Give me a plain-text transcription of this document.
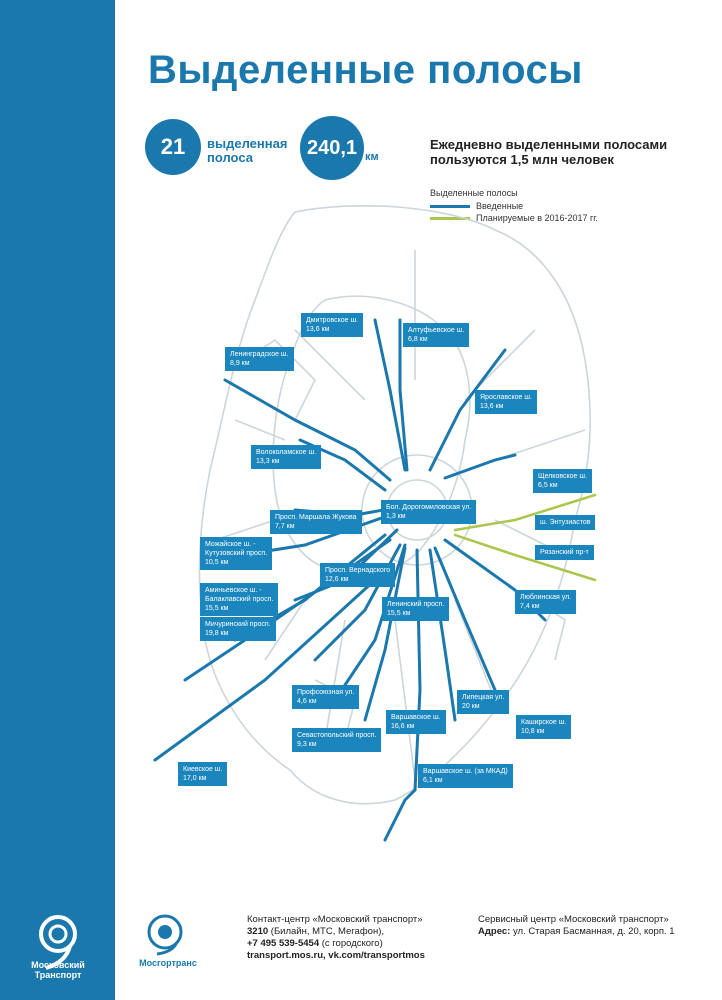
Московский
Транспорт
Выделенные полосы
21 выделенная
полоса	240,1 км
Ежедневно выделенными полосами пользуются 1,5 млн человек
Выделенные полосы
Введенные
Планируемые в 2016-2017 гг.
Дмитровское ш.
13,6 км	Алтуфьевское ш.
6,8 км
Ленинградское ш.
8,9 км
Ярославское ш.
13,6 км
Волоколамское ш.
13,3 км
Щелковское ш.
6,5 км
Бол. Дорогомиловская ул.
1,3 км
Просп. Маршала Жукова
7,7 км
ш. Энтузиастов
Можайское ш. -
Кутузовский просп.
10,5 км
Рязанский пр-т
Просп. Вернадского
12,6 км
Аминьевское ш. -
Балаклавский просп.
15,5 км
Люблинская ул.
7,4 км
Ленинский просп.
15,5 км
Мичуринский просп.
19,8 км
Профсоюзная ул.
4,6 км
Липецкая ул.
20 км
Варшавское ш.
16,6 км
Каширское ш.
10,8 км
Севастопольский просп.
9,3 км
Киевское ш.
17,0 км
Варшавское ш. (за МКАД)
6,1 км
Мосгортранс
Контакт-центр «Московский транспорт»
3210 (Билайн, МТС, Мегафон),
+7 495 539-5454 (с городского)
transport.mos.ru, vk.com/transportmos
Сервисный центр «Московский транспорт»
Адрес: ул. Старая Басманная, д. 20, корп. 1
